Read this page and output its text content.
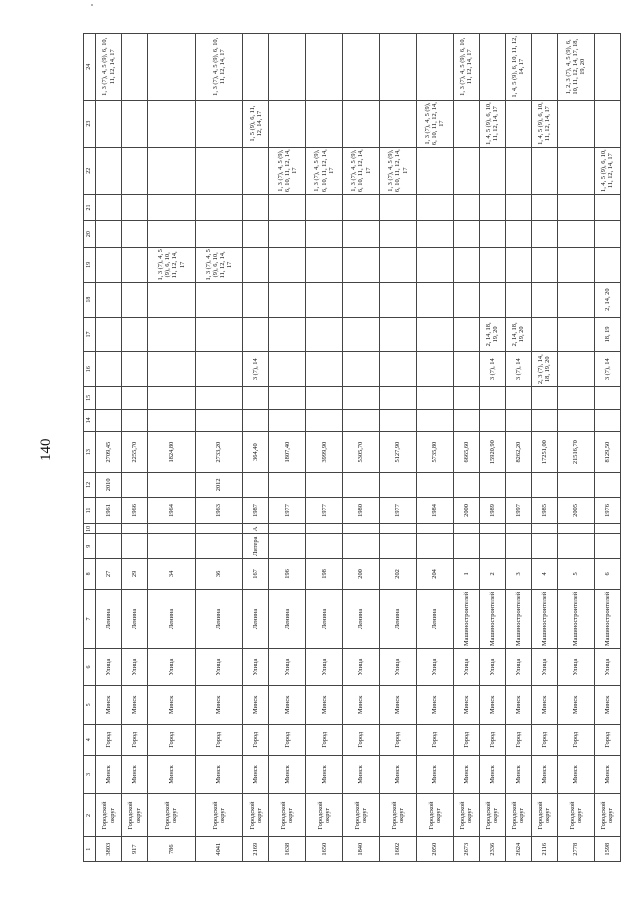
140
1	2	3	4	5	6	7	8	9	10	11	12	13	14	15	16	17	18	19	20	21	22	23	24
3803	Городской округ	Минск	Город	Минск	Улица	Ленина	27			1961	2010	2709,45											1, 3 (7), 4, 5 (9), 6, 10, 11, 12, 14, 17
917	Городской округ	Минск	Город	Минск	Улица	Ленина	29			1966		2255,70											
786	Городской округ	Минск	Город	Минск	Улица	Ленина	34			1964		1824,80						1, 3 (7), 4, 5 (9), 6, 10, 11, 12, 14, 17					
4041	Городской округ	Минск	Город	Минск	Улица	Ленина	36			1963	2012	2733,20						1, 3 (7), 4, 5 (9), 6, 10, 11, 12, 14, 17					1, 3 (7), 4, 5 (9), 6, 10, 11, 12, 14, 17
2169	Городской округ	Минск	Город	Минск	Улица	Ленина	167	Литера	А	1987		364,40			3 (7), 14							1, 5 (9), 6, 11, 12, 14, 17	
1638	Городской округ	Минск	Город	Минск	Улица	Ленина	196			1977		1807,40									1, 3 (7), 4, 5 (9), 6, 10, 11, 12, 14, 17		
1650	Городской округ	Минск	Город	Минск	Улица	Ленина	198			1977		3999,90									1, 3 (7), 4, 5 (9), 6, 10, 11, 12, 14, 17		
1840	Городской округ	Минск	Город	Минск	Улица	Ленина	200			1980		5305,70									1, 3 (7), 4, 5 (9), 6, 10, 11, 12, 14, 17		
1602	Городской округ	Минск	Город	Минск	Улица	Ленина	202			1977		5127,90									1, 3 (7), 4, 5 (9), 6, 10, 11, 12, 14, 17		
2050	Городской округ	Минск	Город	Минск	Улица	Ленина	204			1984		5735,80										1, 3 (7), 4, 5 (9), 6, 10, 11, 12, 14, 17	
2673	Городской округ	Минск	Город	Минск	Улица	Машиностроителей	1			2000		6665,60											1, 3 (7), 4, 5 (9), 6, 10, 11, 12, 14, 17
2336	Городской округ	Минск	Город	Минск	Улица	Машиностроителей	2			1989		15920,90			3 (7), 14	2, 14, 18, 19, 20						1, 4, 5 (9), 6, 10, 11, 12, 14, 17	
2624	Городской округ	Минск	Город	Минск	Улица	Машиностроителей	3			1997		8262,20			3 (7), 14	2, 14, 18, 19, 20							1, 4, 5 (9), 6, 10, 11, 12, 14, 17
2116	Городской округ	Минск	Город	Минск	Улица	Машиностроителей	4			1985		17251,00			2, 3 (7), 14, 18, 19, 20							1, 4, 5 (9), 6, 10, 11, 12, 14, 17	
2778	Городской округ	Минск	Город	Минск	Улица	Машиностроителей	5			2005		21516,70											1, 2, 3 (7), 4, 5 (9), 6, 10, 11, 12, 14, 17, 18, 19, 20
1598	Городской округ	Минск	Город	Минск	Улица	Машиностроителей	6			1976		8129,50			3 (7), 14	18, 19	2, 14, 20				1, 4, 5 (9), 6, 10, 11, 12, 14, 17		
